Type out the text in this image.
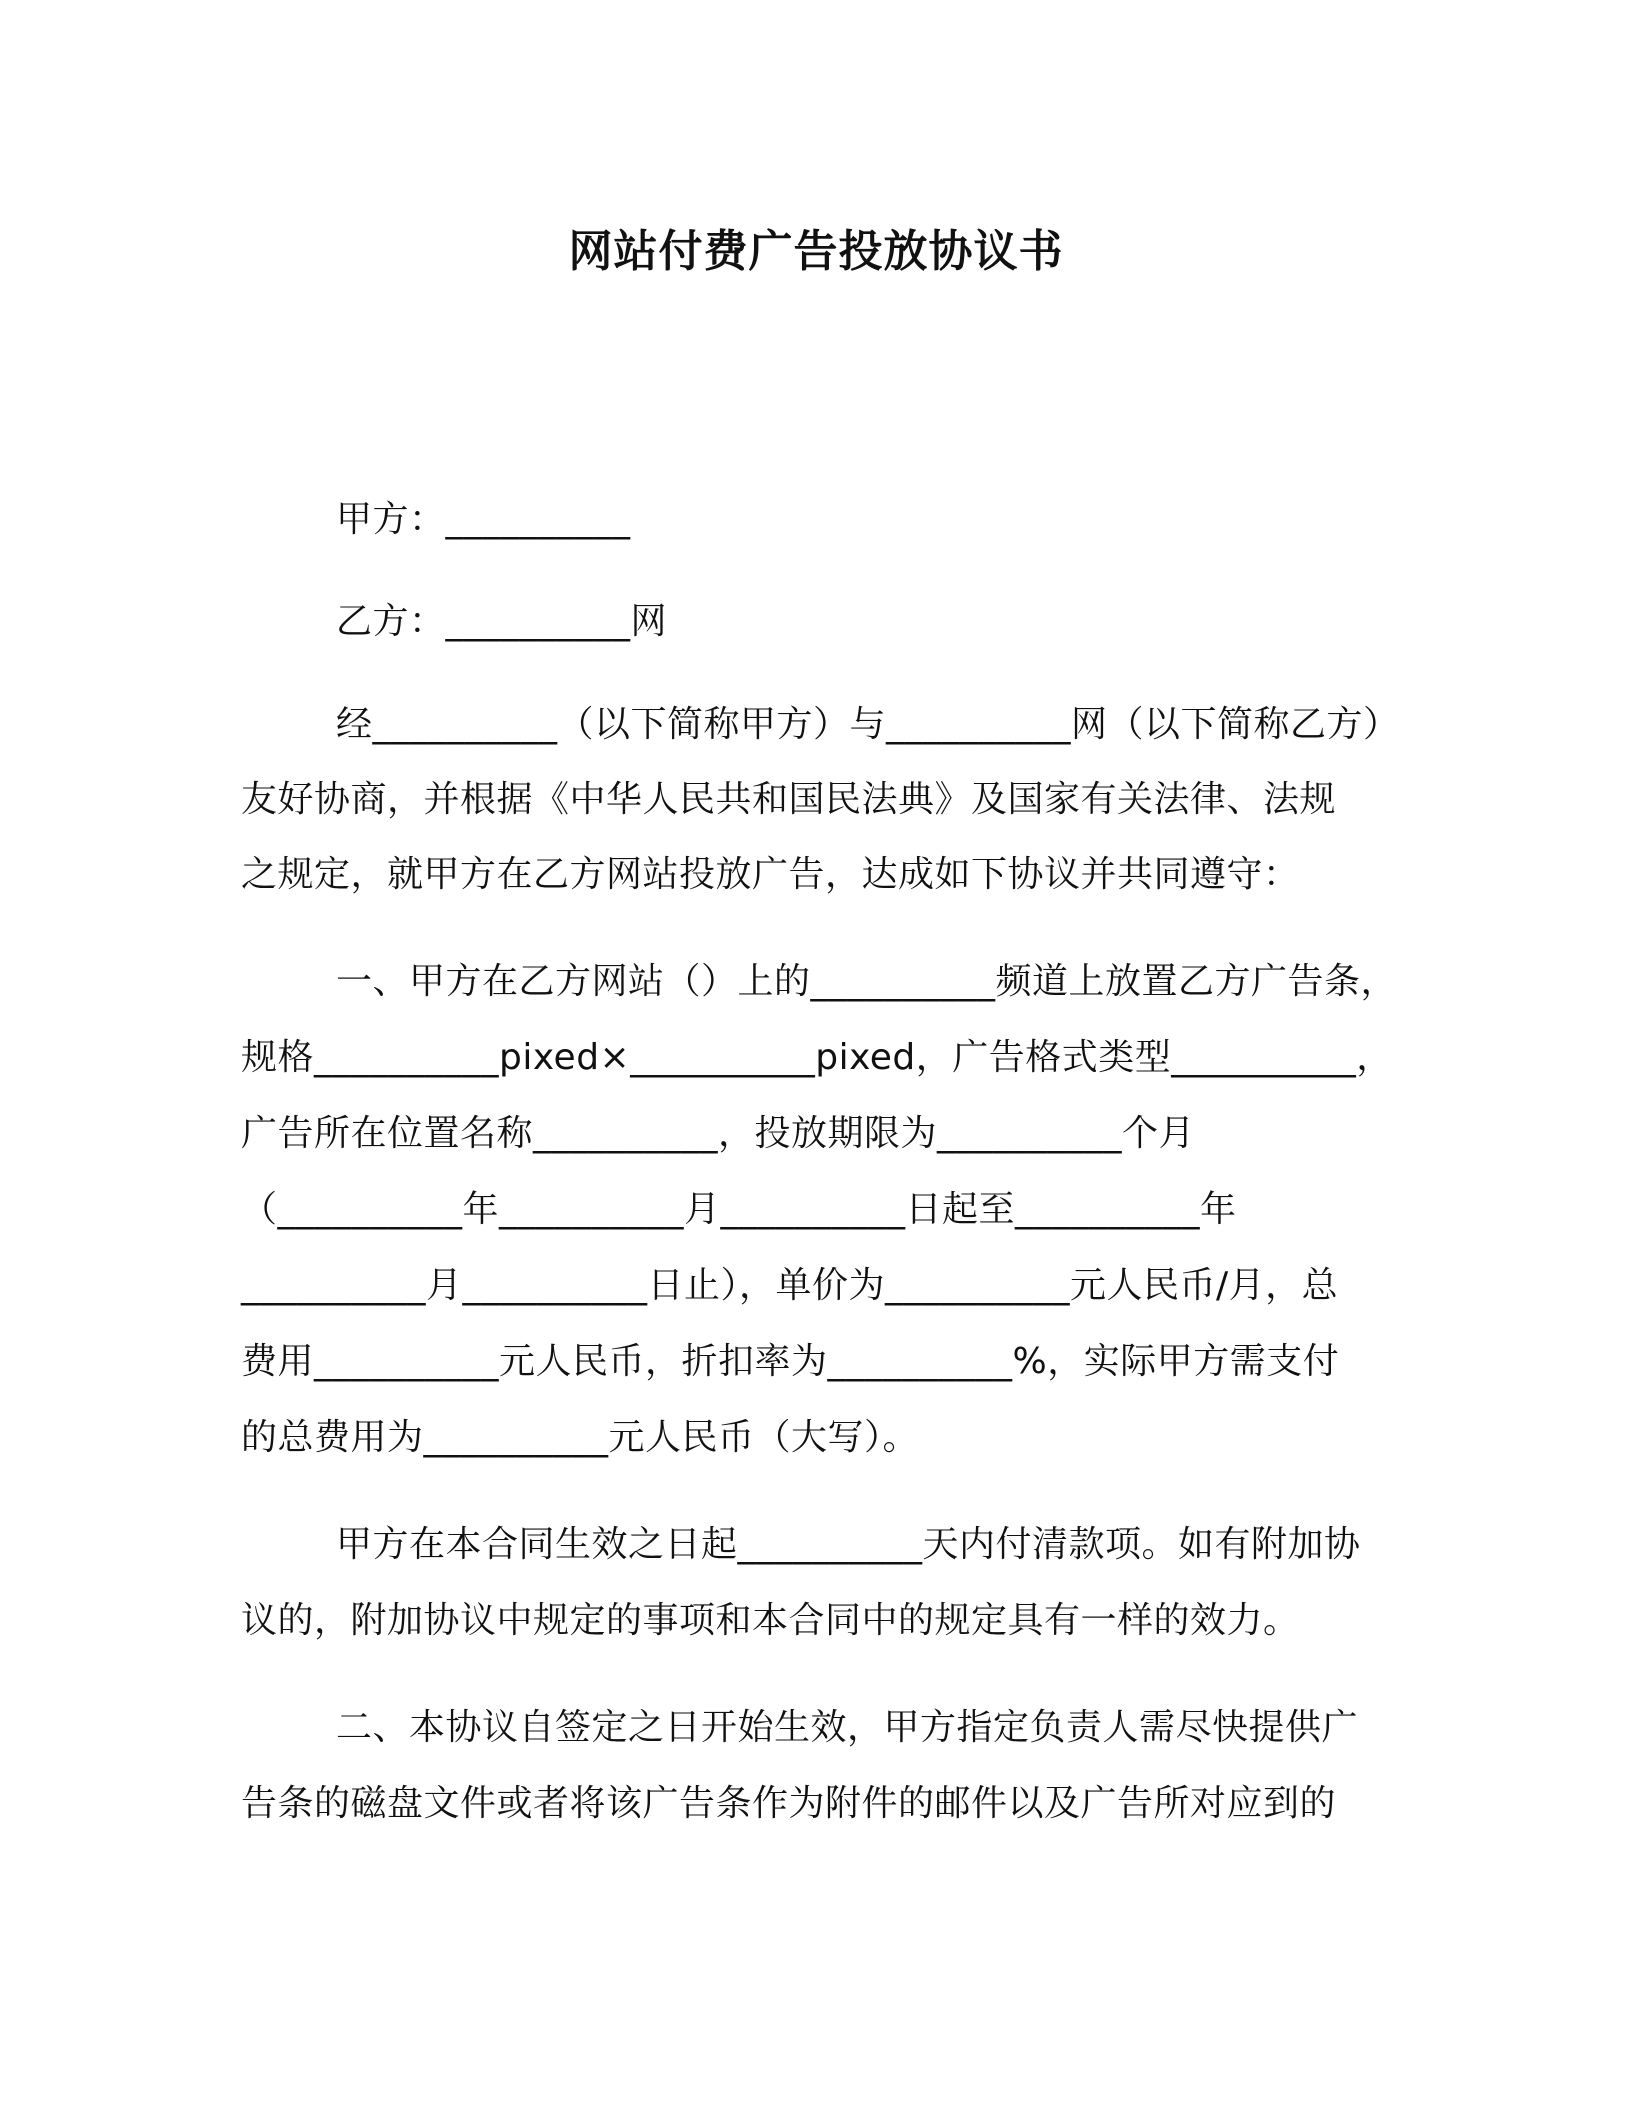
网站付费广告投放协议书
甲方：__________
乙方：__________网
经__________（以下简称甲方）与__________网（以下简称乙方）
友好协商，并根据《中华人民共和国民法典》及国家有关法律、法规
之规定，就甲方在乙方网站投放广告，达成如下协议并共同遵守：
一、甲方在乙方网站（）上的__________频道上放置乙方广告条，
规格__________pixed×__________pixed，广告格式类型__________，
广告所在位置名称__________，投放期限为__________个月
（__________年__________月__________日起至__________年
__________月__________日止），单价为__________元人民币/月，总
费用__________元人民币，折扣率为__________%，实际甲方需支付
的总费用为__________元人民币（大写）。
甲方在本合同生效之日起__________天内付清款项。如有附加协
议的，附加协议中规定的事项和本合同中的规定具有一样的效力。
二、本协议自签定之日开始生效，甲方指定负责人需尽快提供广
告条的磁盘文件或者将该广告条作为附件的邮件以及广告所对应到的
